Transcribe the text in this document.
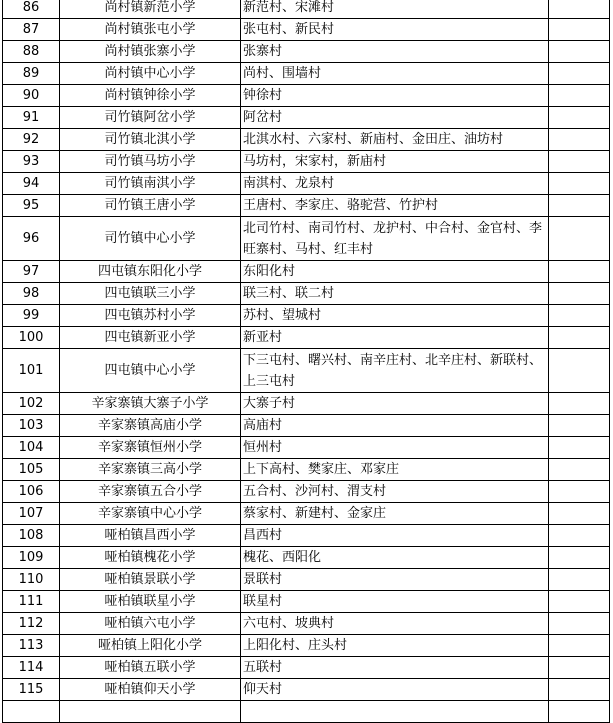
86	尚村镇新范小学	新范村、宋滩村	
87	尚村镇张屯小学	张屯村、新民村	
88	尚村镇张寨小学	张寨村	
89	尚村镇中心小学	尚村、围墙村	
90	尚村镇钟徐小学	钟徐村	
91	司竹镇阿岔小学	阿岔村	
92	司竹镇北淇小学	北淇水村、六家村、新庙村、金田庄、油坊村	
93	司竹镇马坊小学	马坊村，宋家村，新庙村	
94	司竹镇南淇小学	南淇村、龙泉村	
95	司竹镇王唐小学	王唐村、李家庄、骆驼营、竹护村	
96	司竹镇中心小学	北司竹村、南司竹村、龙护村、中合村、金官村、李旺寨村、马村、红丰村	
97	四屯镇东阳化小学	东阳化村	
98	四屯镇联三小学	联三村、联二村	
99	四屯镇苏村小学	苏村、望城村	
100	四屯镇新亚小学	新亚村	
101	四屯镇中心小学	下三屯村、曙兴村、南辛庄村、北辛庄村、新联村、上三屯村	
102	辛家寨镇大寨子小学	大寨子村	
103	辛家寨镇高庙小学	高庙村	
104	辛家寨镇恒州小学	恒州村	
105	辛家寨镇三高小学	上下高村、樊家庄、邓家庄	
106	辛家寨镇五合小学	五合村、沙河村、渭支村	
107	辛家寨镇中心小学	蔡家村、新建村、金家庄	
108	哑柏镇昌西小学	昌西村	
109	哑柏镇槐花小学	槐花、西阳化	
110	哑柏镇景联小学	景联村	
111	哑柏镇联星小学	联星村	
112	哑柏镇六屯小学	六屯村、坡典村	
113	哑柏镇上阳化小学	上阳化村、庄头村	
114	哑柏镇五联小学	五联村	
115	哑柏镇仰天小学	仰天村	
